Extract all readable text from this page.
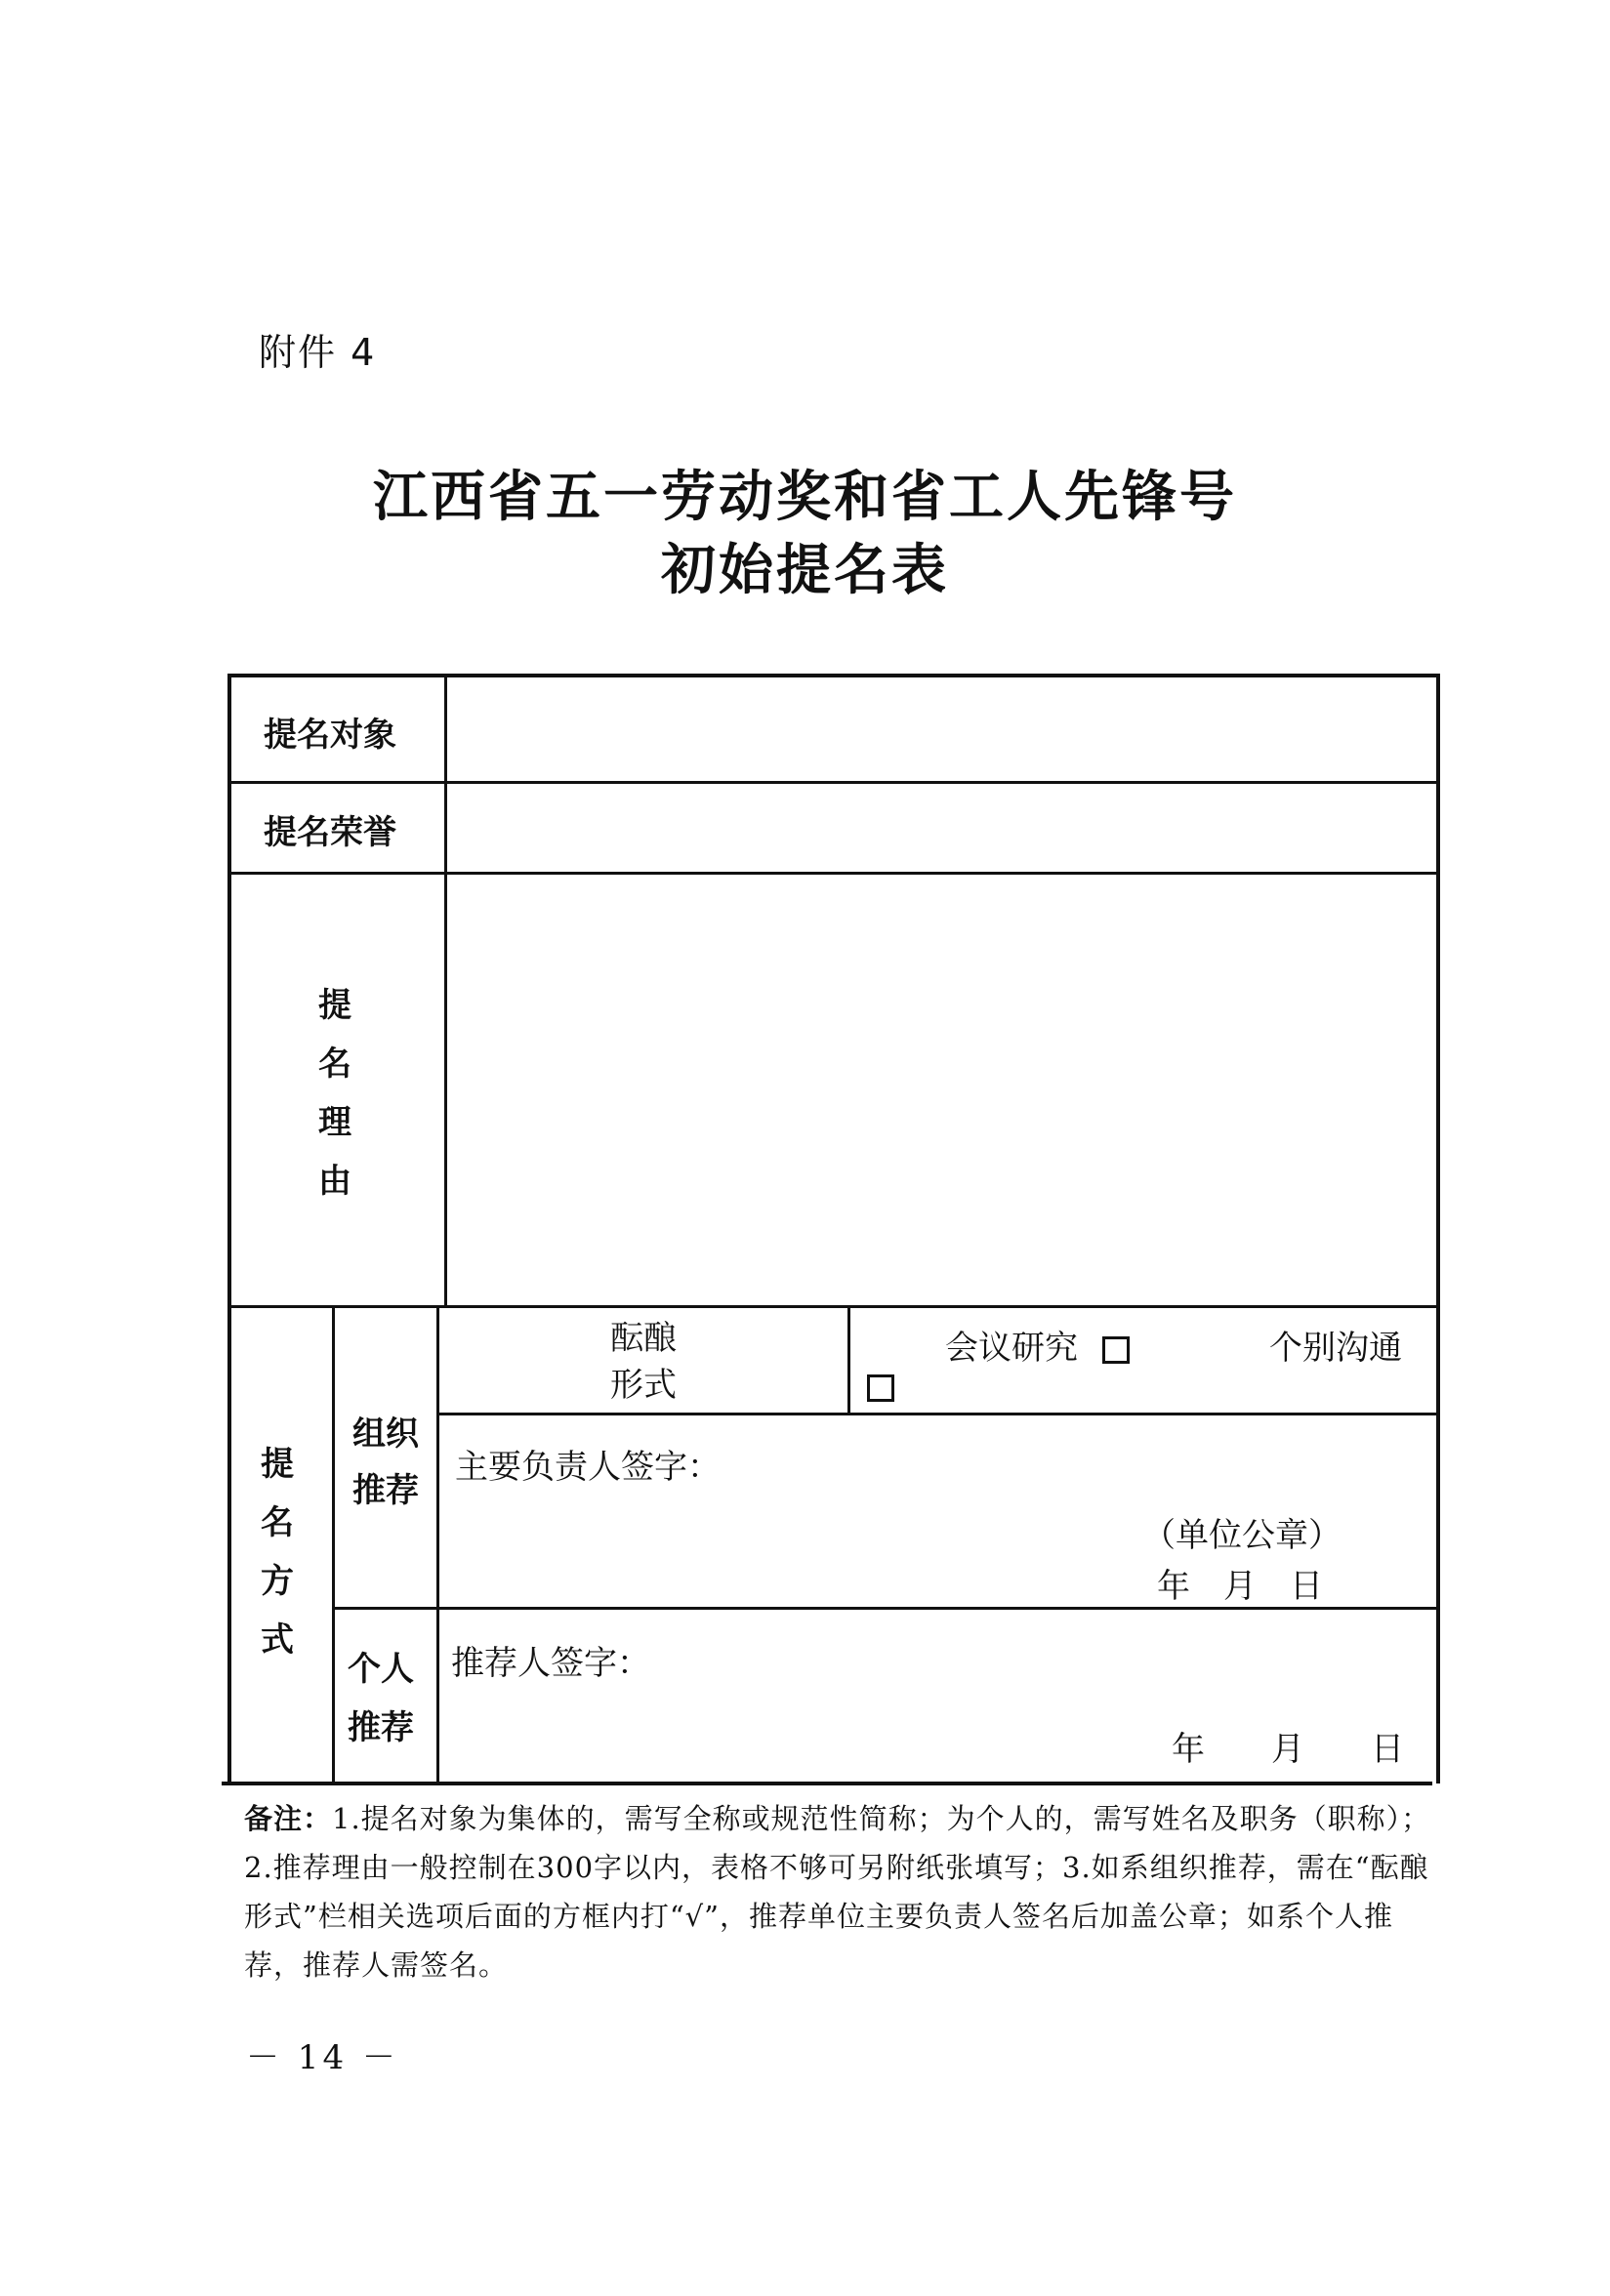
附件 4
江西省五一劳动奖和省工人先锋号
初始提名表
提名对象
提名荣誉
提
名
理
由
提
名
方
式
组织
推荐
酝酿
形式
会议研究	个别沟通
主要负责人签字：
（单位公章）
年　月　日
个人
推荐
推荐人签字：
年　　月　　日
备注：1.提名对象为集体的，需写全称或规范性简称；为个人的，需写姓名及职务（职称）；2.推荐理由一般控制在300字以内，表格不够可另附纸张填写；3.如系组织推荐，需在“酝酿形式”栏相关选项后面的方框内打“√”，推荐单位主要负责人签名后加盖公章；如系个人推荐，推荐人需签名。
－ 14 －
